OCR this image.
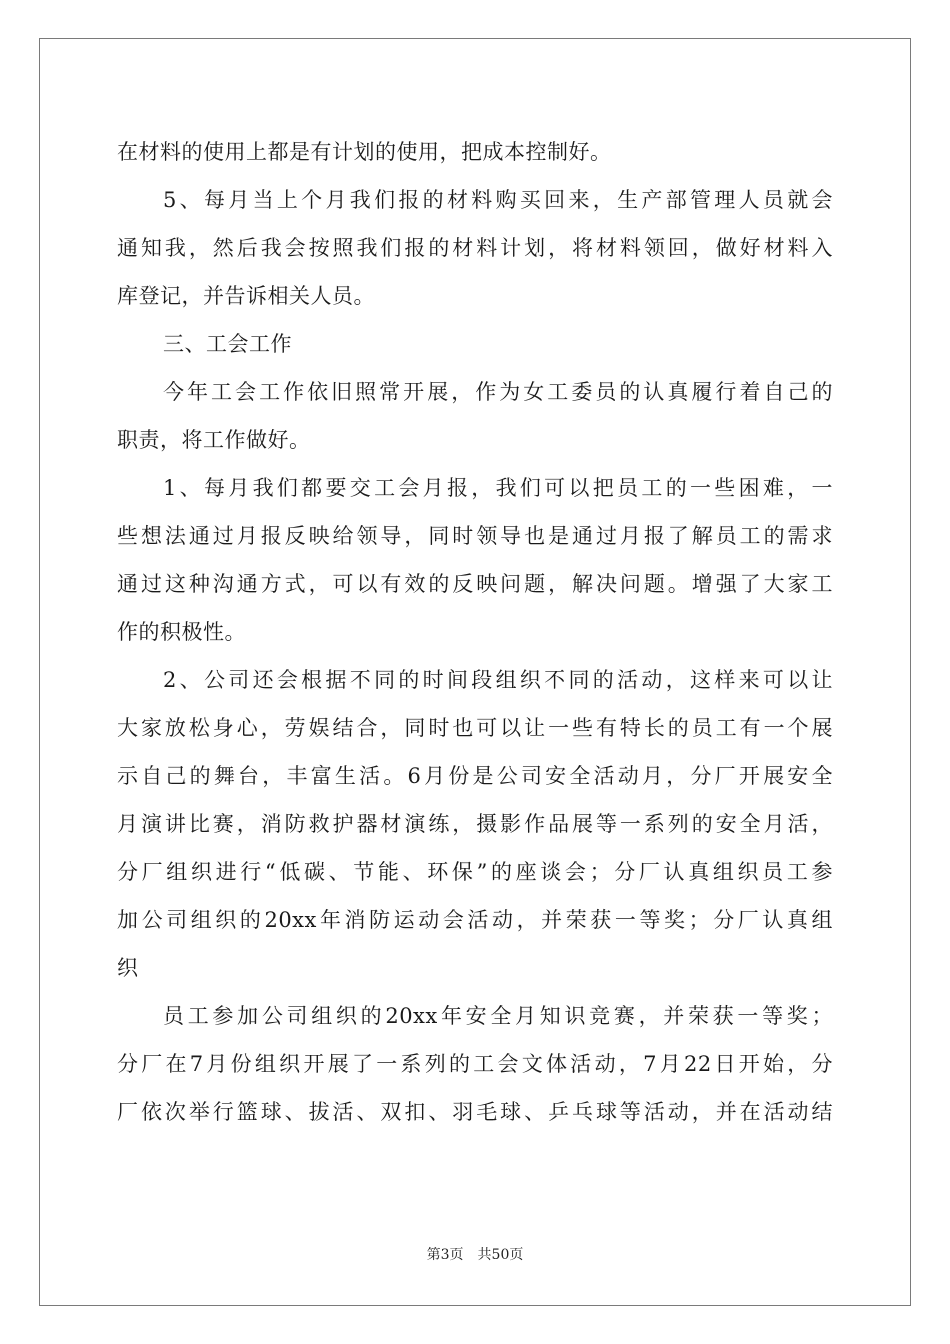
在材料的使用上都是有计划的使用，把成本控制好。
5、每月当上个月我们报的材料购买回来，生产部管理人员就会
通知我，然后我会按照我们报的材料计划，将材料领回，做好材料入
库登记，并告诉相关人员。
三、工会工作
今年工会工作依旧照常开展，作为女工委员的认真履行着自己的
职责，将工作做好。
1、每月我们都要交工会月报，我们可以把员工的一些困难，一
些想法通过月报反映给领导，同时领导也是通过月报了解员工的需求
通过这种沟通方式，可以有效的反映问题，解决问题。增强了大家工
作的积极性。
2、公司还会根据不同的时间段组织不同的活动，这样来可以让
大家放松身心，劳娱结合，同时也可以让一些有特长的员工有一个展
示自己的舞台，丰富生活。6月份是公司安全活动月，分厂开展安全
月演讲比赛，消防救护器材演练，摄影作品展等一系列的安全月活，
分厂组织进行“低碳、节能、环保”的座谈会；分厂认真组织员工参
加公司组织的20xx年消防运动会活动，并荣获一等奖；分厂认真组
织
员工参加公司组织的20xx年安全月知识竞赛，并荣获一等奖；
分厂在7月份组织开展了一系列的工会文体活动，7月22日开始，分
厂依次举行篮球、拔活、双扣、羽毛球、乒乓球等活动，并在活动结
第3页　共50页
